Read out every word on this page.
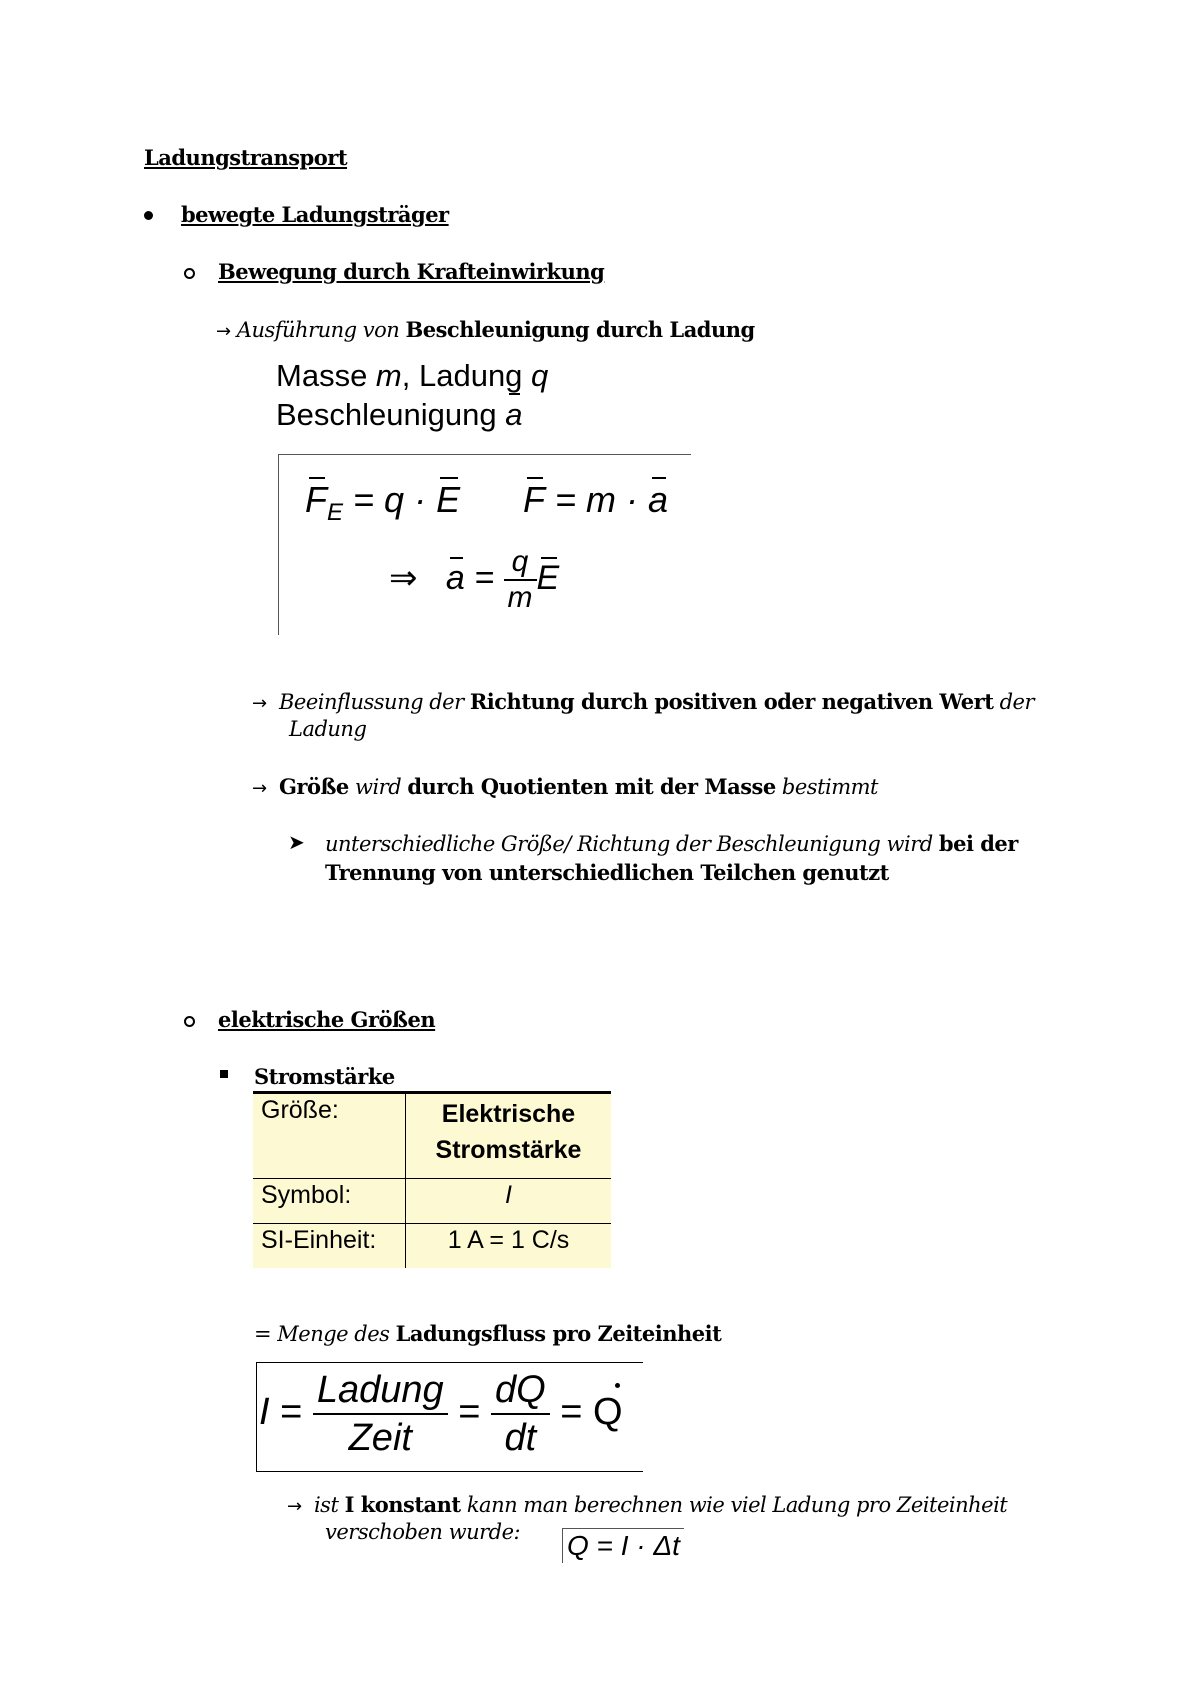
Ladungstransport
bewegte Ladungsträger
Bewegung durch Krafteinwirkung
→ Ausführung von Beschleunigung durch Ladung
Masse m, Ladung q
Beschleunigung a
$F_E = q \cdot E$ F = m · a
⇒ $a = \frac{q}{m}$ E
→ Beeinflussung der Richtung durch positiven oder negativen Wert der
Ladung
→ Größe wird durch Quotienten mit der Masse bestimmt
➤ unterschiedliche Größe/ Richtung der Beschleunigung wird bei der
Trennung von unterschiedlichen Teilchen genutzt
elektrische Größen
Stromstärke
Größe:	Elektrische
Stromstärke
Symbol:	I
SI-Einheit:	1 A = 1 C/s
= Menge des Ladungsfluss pro Zeiteinheit
$I = \frac{\text{Ladung}}{\text{Zeit}} = \frac{dQ}{dt} = Q$
→ ist I konstant kann man berechnen wie viel Ladung pro Zeiteinheit
verschoben wurde: Q = I · Δt
